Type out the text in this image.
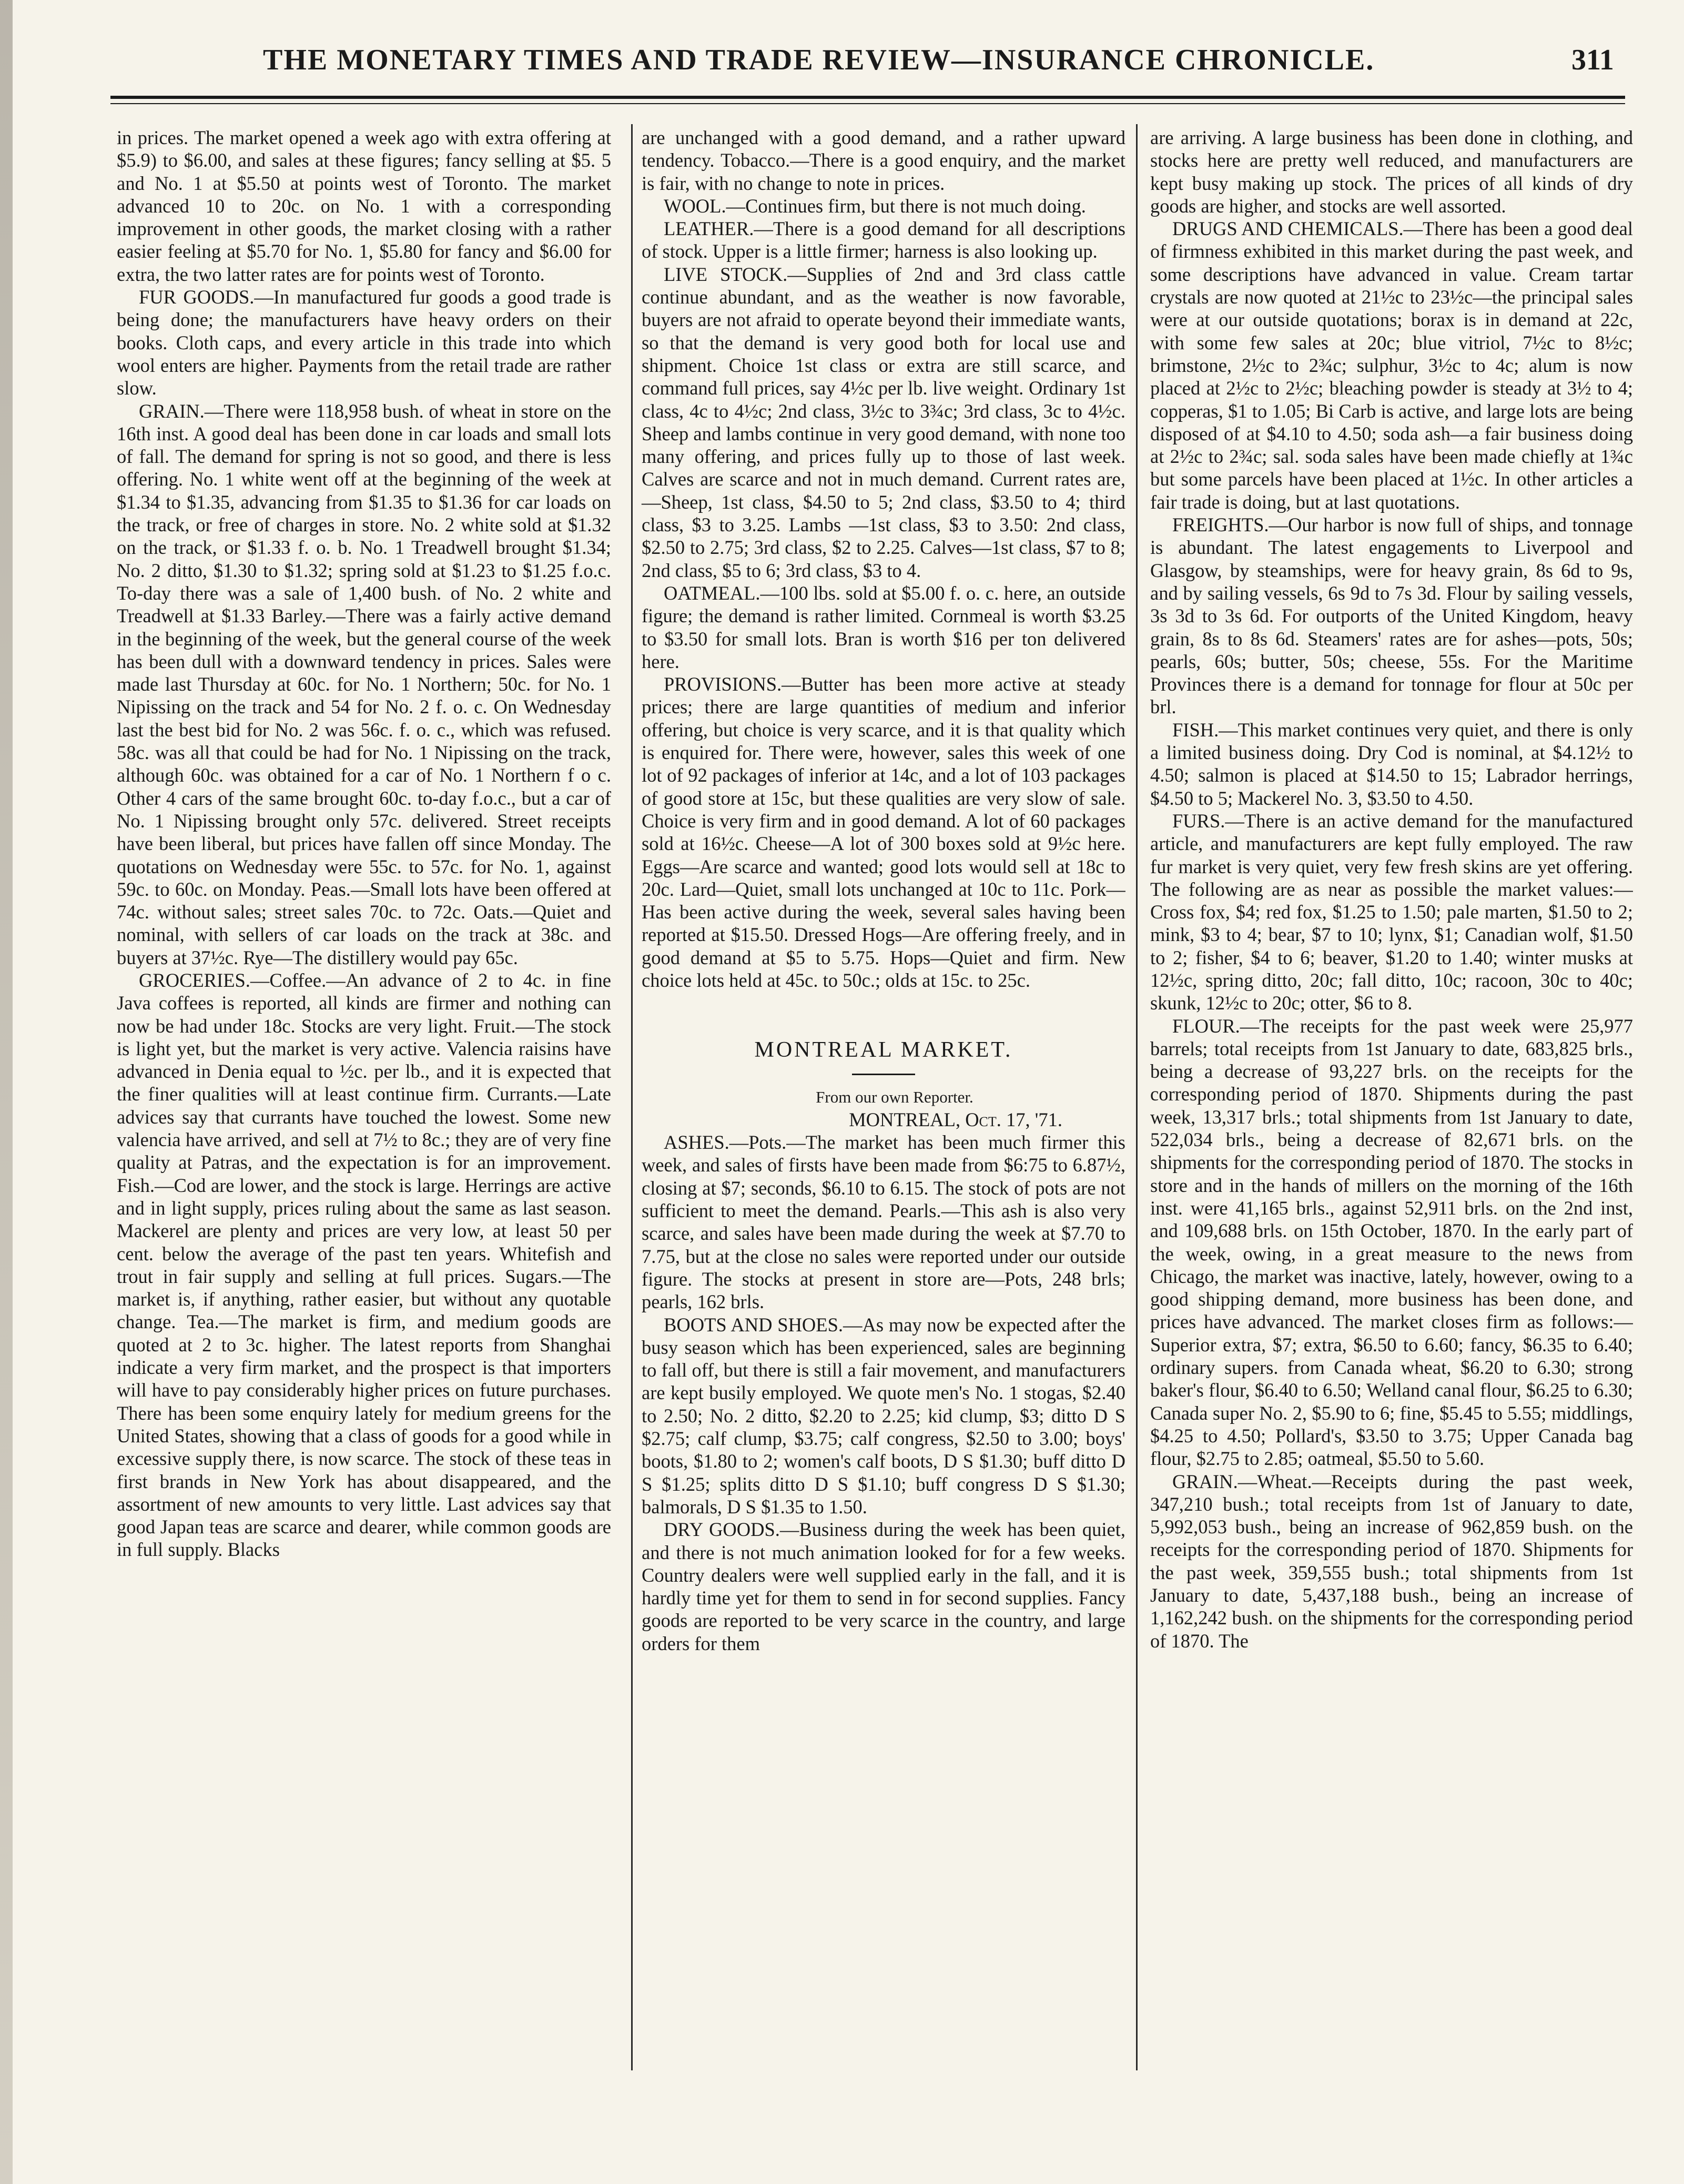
THE MONETARY TIMES AND TRADE REVIEW—INSURANCE CHRONICLE.	311

in prices. The market opened a week ago with extra offering at $5.9) to $6.00, and sales at these figures; fancy selling at $5. 5 and No. 1 at $5.50 at points west of Toronto. The market advanced 10 to 20c. on No. 1 with a corresponding improvement in other goods, the market closing with a rather easier feeling at $5.70 for No. 1, $5.80 for fancy and $6.00 for extra, the two latter rates are for points west of Toronto.

FUR GOODS.—In manufactured fur goods a good trade is being done; the manufacturers have heavy orders on their books. Cloth caps, and every article in this trade into which wool enters are higher. Payments from the retail trade are rather slow.

GRAIN.—There were 118,958 bush. of wheat in store on the 16th inst. A good deal has been done in car loads and small lots of fall. The demand for spring is not so good, and there is less offering. No. 1 white went off at the beginning of the week at $1.34 to $1.35, advancing from $1.35 to $1.36 for car loads on the track, or free of charges in store. No. 2 white sold at $1.32 on the track, or $1.33 f. o. b. No. 1 Treadwell brought $1.34; No. 2 ditto, $1.30 to $1.32; spring sold at $1.23 to $1.25 f.o.c. To-day there was a sale of 1,400 bush. of No. 2 white and Treadwell at $1.33 Barley.—There was a fairly active demand in the beginning of the week, but the general course of the week has been dull with a downward tendency in prices. Sales were made last Thursday at 60c. for No. 1 Northern; 50c. for No. 1 Nipissing on the track and 54 for No. 2 f. o. c. On Wednesday last the best bid for No. 2 was 56c. f. o. c., which was refused. 58c. was all that could be had for No. 1 Nipissing on the track, although 60c. was obtained for a car of No. 1 Northern f o c. Other 4 cars of the same brought 60c. to-day f.o.c., but a car of No. 1 Nipissing brought only 57c. delivered. Street receipts have been liberal, but prices have fallen off since Monday. The quotations on Wednesday were 55c. to 57c. for No. 1, against 59c. to 60c. on Monday. Peas.—Small lots have been offered at 74c. without sales; street sales 70c. to 72c. Oats.—Quiet and nominal, with sellers of car loads on the track at 38c. and buyers at 37½c. Rye—The distillery would pay 65c.

GROCERIES.—Coffee.—An advance of 2 to 4c. in fine Java coffees is reported, all kinds are firmer and nothing can now be had under 18c. Stocks are very light. Fruit.—The stock is light yet, but the market is very active. Valencia raisins have advanced in Denia equal to ½c. per lb., and it is expected that the finer qualities will at least continue firm. Currants.—Late advices say that currants have touched the lowest. Some new valencia have arrived, and sell at 7½ to 8c.; they are of very fine quality at Patras, and the expectation is for an improvement. Fish.—Cod are lower, and the stock is large. Herrings are active and in light supply, prices ruling about the same as last season. Mackerel are plenty and prices are very low, at least 50 per cent. below the average of the past ten years. Whitefish and trout in fair supply and selling at full prices. Sugars.—The market is, if anything, rather easier, but without any quotable change. Tea.—The market is firm, and medium goods are quoted at 2 to 3c. higher. The latest reports from Shanghai indicate a very firm market, and the prospect is that importers will have to pay considerably higher prices on future purchases. There has been some enquiry lately for medium greens for the United States, showing that a class of goods for a good while in excessive supply there, is now scarce. The stock of these teas in first brands in New York has about disappeared, and the assortment of new amounts to very little. Last advices say that good Japan teas are scarce and dearer, while common goods are in full supply. Blacks

are unchanged with a good demand, and a rather upward tendency. Tobacco.—There is a good enquiry, and the market is fair, with no change to note in prices.

WOOL.—Continues firm, but there is not much doing.

LEATHER.—There is a good demand for all descriptions of stock. Upper is a little firmer; harness is also looking up.

LIVE STOCK.—Supplies of 2nd and 3rd class cattle continue abundant, and as the weather is now favorable, buyers are not afraid to operate beyond their immediate wants, so that the demand is very good both for local use and shipment. Choice 1st class or extra are still scarce, and command full prices, say 4½c per lb. live weight. Ordinary 1st class, 4c to 4½c; 2nd class, 3½c to 3¾c; 3rd class, 3c to 4½c. Sheep and lambs continue in very good demand, with none too many offering, and prices fully up to those of last week. Calves are scarce and not in much demand. Current rates are,—Sheep, 1st class, $4.50 to 5; 2nd class, $3.50 to 4; third class, $3 to 3.25. Lambs —1st class, $3 to 3.50: 2nd class, $2.50 to 2.75; 3rd class, $2 to 2.25. Calves—1st class, $7 to 8; 2nd class, $5 to 6; 3rd class, $3 to 4.

OATMEAL.—100 lbs. sold at $5.00 f. o. c. here, an outside figure; the demand is rather limited. Cornmeal is worth $3.25 to $3.50 for small lots. Bran is worth $16 per ton delivered here.

PROVISIONS.—Butter has been more active at steady prices; there are large quantities of medium and inferior offering, but choice is very scarce, and it is that quality which is enquired for. There were, however, sales this week of one lot of 92 packages of inferior at 14c, and a lot of 103 packages of good store at 15c, but these qualities are very slow of sale. Choice is very firm and in good demand. A lot of 60 packages sold at 16½c. Cheese—A lot of 300 boxes sold at 9½c here. Eggs—Are scarce and wanted; good lots would sell at 18c to 20c. Lard—Quiet, small lots unchanged at 10c to 11c. Pork—Has been active during the week, several sales having been reported at $15.50. Dressed Hogs—Are offering freely, and in good demand at $5 to 5.75. Hops—Quiet and firm. New choice lots held at 45c. to 50c.; olds at 15c. to 25c.

MONTREAL MARKET.

From our own Reporter.

MONTREAL, Oct. 17, '71.

ASHES.—Pots.—The market has been much firmer this week, and sales of firsts have been made from $6:75 to 6.87½, closing at $7; seconds, $6.10 to 6.15. The stock of pots are not sufficient to meet the demand. Pearls.—This ash is also very scarce, and sales have been made during the week at $7.70 to 7.75, but at the close no sales were reported under our outside figure. The stocks at present in store are—Pots, 248 brls; pearls, 162 brls.

BOOTS AND SHOES.—As may now be expected after the busy season which has been experienced, sales are beginning to fall off, but there is still a fair movement, and manufacturers are kept busily employed. We quote men's No. 1 stogas, $2.40 to 2.50; No. 2 ditto, $2.20 to 2.25; kid clump, $3; ditto D S $2.75; calf clump, $3.75; calf congress, $2.50 to 3.00; boys' boots, $1.80 to 2; women's calf boots, D S $1.30; buff ditto D S $1.25; splits ditto D S $1.10; buff congress D S $1.30; balmorals, D S $1.35 to 1.50.

DRY GOODS.—Business during the week has been quiet, and there is not much animation looked for for a few weeks. Country dealers were well supplied early in the fall, and it is hardly time yet for them to send in for second supplies. Fancy goods are reported to be very scarce in the country, and large orders for them

are arriving. A large business has been done in clothing, and stocks here are pretty well reduced, and manufacturers are kept busy making up stock. The prices of all kinds of dry goods are higher, and stocks are well assorted.

DRUGS AND CHEMICALS.—There has been a good deal of firmness exhibited in this market during the past week, and some descriptions have advanced in value. Cream tartar crystals are now quoted at 21½c to 23½c—the principal sales were at our outside quotations; borax is in demand at 22c, with some few sales at 20c; blue vitriol, 7½c to 8½c; brimstone, 2½c to 2¾c; sulphur, 3½c to 4c; alum is now placed at 2½c to 2½c; bleaching powder is steady at 3½ to 4; copperas, $1 to 1.05; Bi Carb is active, and large lots are being disposed of at $4.10 to 4.50; soda ash—a fair business doing at 2½c to 2¾c; sal. soda sales have been made chiefly at 1¾c but some parcels have been placed at 1½c. In other articles a fair trade is doing, but at last quotations.

FREIGHTS.—Our harbor is now full of ships, and tonnage is abundant. The latest engagements to Liverpool and Glasgow, by steamships, were for heavy grain, 8s 6d to 9s, and by sailing vessels, 6s 9d to 7s 3d. Flour by sailing vessels, 3s 3d to 3s 6d. For outports of the United Kingdom, heavy grain, 8s to 8s 6d. Steamers' rates are for ashes—pots, 50s; pearls, 60s; butter, 50s; cheese, 55s. For the Maritime Provinces there is a demand for tonnage for flour at 50c per brl.

FISH.—This market continues very quiet, and there is only a limited business doing. Dry Cod is nominal, at $4.12½ to 4.50; salmon is placed at $14.50 to 15; Labrador herrings, $4.50 to 5; Mackerel No. 3, $3.50 to 4.50.

FURS.—There is an active demand for the manufactured article, and manufacturers are kept fully employed. The raw fur market is very quiet, very few fresh skins are yet offering. The following are as near as possible the market values:—Cross fox, $4; red fox, $1.25 to 1.50; pale marten, $1.50 to 2; mink, $3 to 4; bear, $7 to 10; lynx, $1; Canadian wolf, $1.50 to 2; fisher, $4 to 6; beaver, $1.20 to 1.40; winter musks at 12½c, spring ditto, 20c; fall ditto, 10c; racoon, 30c to 40c; skunk, 12½c to 20c; otter, $6 to 8.

FLOUR.—The receipts for the past week were 25,977 barrels; total receipts from 1st January to date, 683,825 brls., being a decrease of 93,227 brls. on the receipts for the corresponding period of 1870. Shipments during the past week, 13,317 brls.; total shipments from 1st January to date, 522,034 brls., being a decrease of 82,671 brls. on the shipments for the corresponding period of 1870. The stocks in store and in the hands of millers on the morning of the 16th inst. were 41,165 brls., against 52,911 brls. on the 2nd inst, and 109,688 brls. on 15th October, 1870. In the early part of the week, owing, in a great measure to the news from Chicago, the market was inactive, lately, however, owing to a good shipping demand, more business has been done, and prices have advanced. The market closes firm as follows:—Superior extra, $7; extra, $6.50 to 6.60; fancy, $6.35 to 6.40; ordinary supers. from Canada wheat, $6.20 to 6.30; strong baker's flour, $6.40 to 6.50; Welland canal flour, $6.25 to 6.30; Canada super No. 2, $5.90 to 6; fine, $5.45 to 5.55; middlings, $4.25 to 4.50; Pollard's, $3.50 to 3.75; Upper Canada bag flour, $2.75 to 2.85; oatmeal, $5.50 to 5.60.

GRAIN.—Wheat.—Receipts during the past week, 347,210 bush.; total receipts from 1st of January to date, 5,992,053 bush., being an increase of 962,859 bush. on the receipts for the corresponding period of 1870. Shipments for the past week, 359,555 bush.; total shipments from 1st January to date, 5,437,188 bush., being an increase of 1,162,242 bush. on the shipments for the corresponding period of 1870. The
